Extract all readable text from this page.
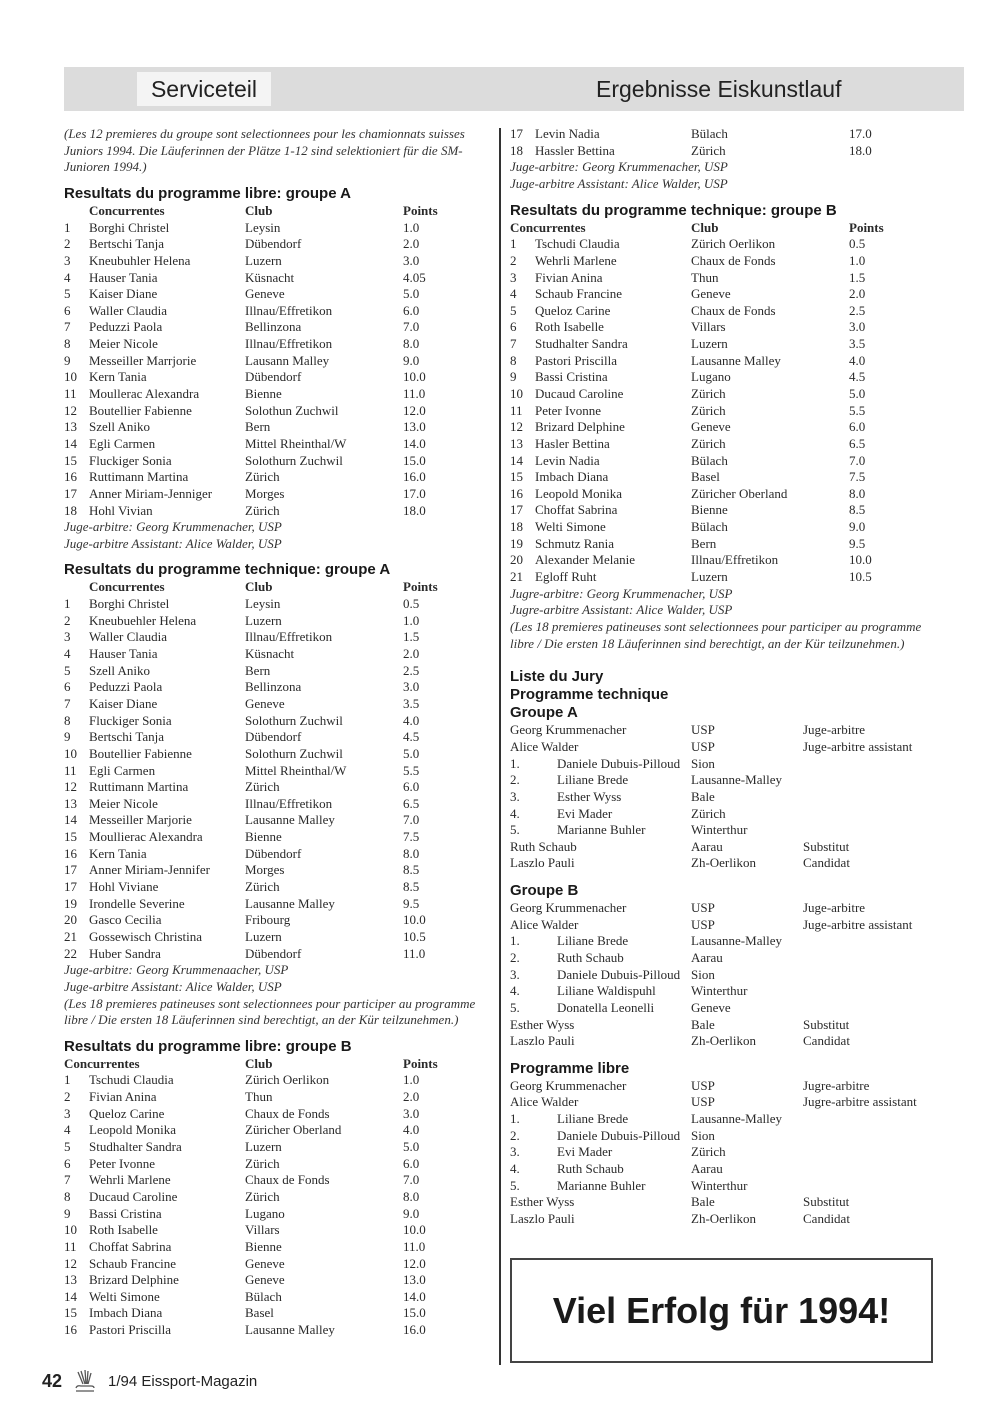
Serviceteil	Ergebnisse Eiskunstlauf
(Les 12 premieres du groupe sont selectionnees pour les chamionnats suisses Juniors 1994. Die Läuferinnen der Plätze 1-12 sind selektioniert für die SM-Junioren 1994.)
Resultats du programme libre: groupe A
Concurrentes	Club	Points
1	Borghi Christel	Leysin	1.0
2	Bertschi Tanja	Dübendorf	2.0
3	Kneubuhler Helena	Luzern	3.0
4	Hauser Tania	Küsnacht	4.05
5	Kaiser Diane	Geneve	5.0
6	Waller Claudia	Illnau/Effretikon	6.0
7	Peduzzi Paola	Bellinzona	7.0
8	Meier Nicole	Illnau/Effretikon	8.0
9	Messeiller Marrjorie	Lausann Malley	9.0
10 Kern Tania	Dübendorf	10.0
11 Moullerac Alexandra	Bienne	11.0
12 Boutellier Fabienne	Solothun Zuchwil	12.0
13 Szell Aniko	Bern	13.0
14 Egli Carmen	Mittel Rheinthal/W	14.0
15 Fluckiger Sonia	Solothurn Zuchwil	15.0
16 Ruttimann Martina	Zürich	16.0
17 Anner Miriam-Jenniger	Morges	17.0
18 Hohl Vivian	Zürich	18.0
Juge-arbitre: Georg Krummenacher, USP
Juge-arbitre Assistant: Alice Walder, USP
Resultats du programme technique: groupe A
Concurrentes	Club	Points
1	Borghi Christel	Leysin	0.5
2	Kneubuehler Helena	Luzern	1.0
3	Waller Claudia	Illnau/Effretikon	1.5
4	Hauser Tania	Küsnacht	2.0
5	Szell Aniko	Bern	2.5
6	Peduzzi Paola	Bellinzona	3.0
7	Kaiser Diane	Geneve	3.5
8	Fluckiger Sonia	Solothurn Zuchwil	4.0
9	Bertschi Tanja	Dübendorf	4.5
10 Boutellier Fabienne	Solothurn Zuchwil	5.0
11 Egli Carmen	Mittel Rheinthal/W	5.5
12 Ruttimann Martina	Zürich	6.0
13 Meier Nicole	Illnau/Effretikon	6.5
14 Messeiller Marjorie	Lausanne Malley	7.0
15 Moullierac Alexandra	Bienne	7.5
16 Kern Tania	Dübendorf	8.0
17 Anner Miriam-Jennifer	Morges	8.5
17 Hohl Viviane	Zürich	8.5
19 Irondelle Severine	Lausanne Malley	9.5
20 Gasco Cecilia	Fribourg	10.0
21 Gossewisch Christina	Luzern	10.5
22 Huber Sandra	Dübendorf	11.0
Juge-arbitre: Georg Krummenaacher, USP
Juge-arbitre Assistant: Alice Walder, USP
(Les 18 premieres patineuses sont selectionnees pour participer au programme libre / Die ersten 18 Läuferinnen sind berechtigt, an der Kür teilzunehmen.)
Resultats du programme libre: groupe B
Concurrentes	Club	Points
1	Tschudi Claudia	Zürich Oerlikon	1.0
2	Fivian Anina	Thun	2.0
3	Queloz Carine	Chaux de Fonds	3.0
4	Leopold Monika	Züricher Oberland	4.0
5	Studhalter Sandra	Luzern	5.0
6	Peter Ivonne	Zürich	6.0
7	Wehrli Marlene	Chaux de Fonds	7.0
8	Ducaud Caroline	Zürich	8.0
9	Bassi Cristina	Lugano	9.0
10 Roth Isabelle	Villars	10.0
11 Choffat Sabrina	Bienne	11.0
12 Schaub Francine	Geneve	12.0
13 Brizard Delphine	Geneve	13.0
14 Welti Simone	Bülach	14.0
15 Imbach Diana	Basel	15.0
16 Pastori Priscilla	Lausanne Malley	16.0
17 Levin Nadia	Bülach	17.0
18 Hassler Bettina	Zürich	18.0
Juge-arbitre: Georg Krummenacher, USP
Juge-arbitre Assistant: Alice Walder, USP
Resultats du programme technique: groupe B
Concurrentes	Club	Points
1	Tschudi Claudia	Zürich Oerlikon	0.5
2	Wehrli Marlene	Chaux de Fonds	1.0
3	Fivian Anina	Thun	1.5
4	Schaub Francine	Geneve	2.0
5	Queloz Carine	Chaux de Fonds	2.5
6	Roth Isabelle	Villars	3.0
7	Studhalter Sandra	Luzern	3.5
8	Pastori Priscilla	Lausanne Malley	4.0
9	Bassi Cristina	Lugano	4.5
10 Ducaud Caroline	Zürich	5.0
11 Peter Ivonne	Zürich	5.5
12 Brizard Delphine	Geneve	6.0
13 Hasler Bettina	Zürich	6.5
14 Levin Nadia	Bülach	7.0
15 Imbach Diana	Basel	7.5
16 Leopold Monika	Züricher Oberland	8.0
17 Choffat Sabrina	Bienne	8.5
18 Welti Simone	Bülach	9.0
19 Schmutz Rania	Bern	9.5
20 Alexander Melanie	Illnau/Effretikon	10.0
21 Egloff Ruht	Luzern	10.5
Jugre-arbitre: Georg Krummenacher, USP
Jugre-arbitre Assistant: Alice Walder, USP
(Les 18 premieres patineuses sont selectionnees pour participer au programme libre / Die ersten 18 Läuferinnen sind berechtigt, an der Kür teilzunehmen.)
Liste du Jury
Programme technique
Groupe A
Georg Krummenacher	USP	Juge-arbitre
Alice Walder	USP	Juge-arbitre assistant
1.	Daniele Dubuis-Pilloud Sion
2.	Liliane Brede	Lausanne-Malley
3.	Esther Wyss	Bale
4.	Evi Mader	Zürich
5.	Marianne Buhler	Winterthur
Ruth Schaub	Aarau	Substitut
Laszlo Pauli	Zh-Oerlikon	Candidat
Groupe B
Georg Krummenacher	USP	Juge-arbitre
Alice Walder	USP	Juge-arbitre assistant
1.	Liliane Brede	Lausanne-Malley
2.	Ruth Schaub	Aarau
3.	Daniele Dubuis-Pilloud Sion
4.	Liliane Waldispuhl	Winterthur
5.	Donatella Leonelli	Geneve
Esther Wyss	Bale	Substitut
Laszlo Pauli	Zh-Oerlikon	Candidat
Programme libre
Georg Krummenacher	USP	Jugre-arbitre
Alice Walder	USP	Jugre-arbitre assistant
1.	Liliane Brede	Lausanne-Malley
2.	Daniele Dubuis-Pilloud Sion
3.	Evi Mader	Zürich
4.	Ruth Schaub	Aarau
5.	Marianne Buhler	Winterthur
Esther Wyss	Bale	Substitut
Laszlo Pauli	Zh-Oerlikon	Candidat
Viel Erfolg für 1994!
42	1/94 Eissport-Magazin
